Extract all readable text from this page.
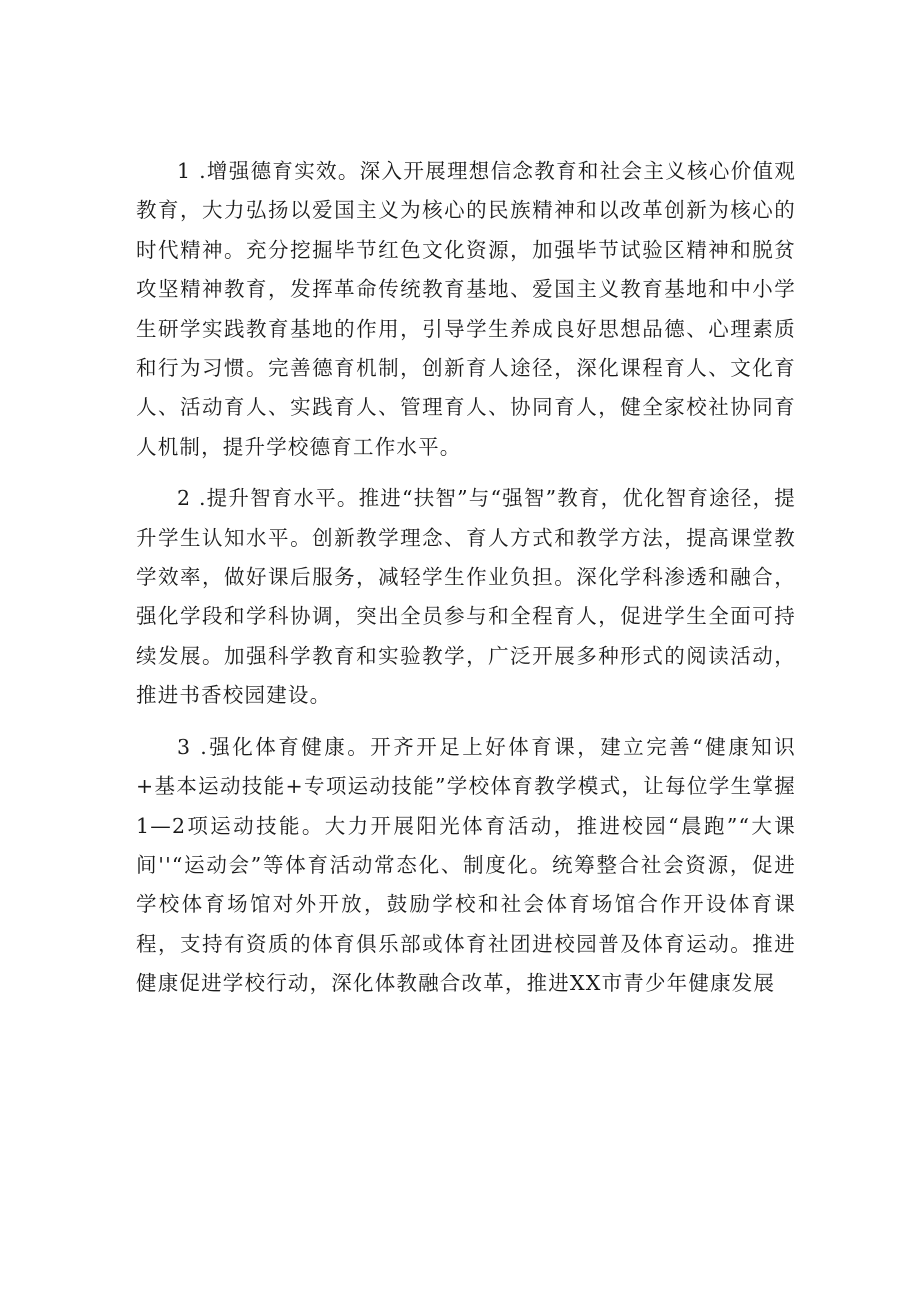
1 .增强德育实效。深入开展理想信念教育和社会主义核心价值观教育，大力弘扬以爱国主义为核心的民族精神和以改革创新为核心的时代精神。充分挖掘毕节红色文化资源，加强毕节试验区精神和脱贫攻坚精神教育，发挥革命传统教育基地、爱国主义教育基地和中小学生研学实践教育基地的作用，引导学生养成良好思想品德、心理素质和行为习惯。完善德育机制，创新育人途径，深化课程育人、文化育人、活动育人、实践育人、管理育人、协同育人，健全家校社协同育人机制，提升学校德育工作水平。

2 .提升智育水平。推进“扶智”与“强智”教育，优化智育途径，提升学生认知水平。创新教学理念、育人方式和教学方法，提高课堂教学效率，做好课后服务，减轻学生作业负担。深化学科渗透和融合，强化学段和学科协调，突出全员参与和全程育人，促进学生全面可持续发展。加强科学教育和实验教学，广泛开展多种形式的阅读活动，推进书香校园建设。

3 .强化体育健康。开齐开足上好体育课，建立完善“健康知识+基本运动技能+专项运动技能”学校体育教学模式，让每位学生掌握1—2项运动技能。大力开展阳光体育活动，推进校园“晨跑”“大课间''“运动会”等体育活动常态化、制度化。统筹整合社会资源，促进学校体育场馆对外开放，鼓励学校和社会体育场馆合作开设体育课程，支持有资质的体育俱乐部或体育社团进校园普及体育运动。推进健康促进学校行动，深化体教融合改革，推进XX市青少年健康发展
